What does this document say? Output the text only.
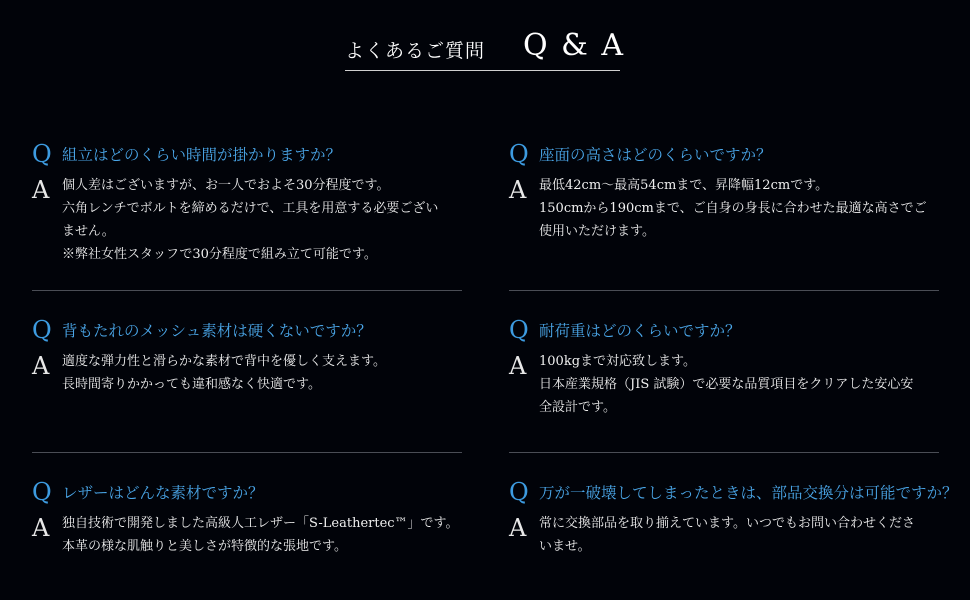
よくあるご質問 Q & A
Q 組立はどのくらい時間が掛かりますか？
A 個人差はございますが、お一人でおよそ30分程度です。
六角レンチでボルトを締めるだけで、工具を用意する必要ござい
ません。
※弊社女性スタッフで30分程度で組み立て可能です。
Q 背もたれのメッシュ素材は硬くないですか？
A 適度な弾力性と滑らかな素材で背中を優しく支えます。
長時間寄りかかっても違和感なく快適です。
Q レザーはどんな素材ですか？
A 独自技術で開発しました高級人工レザー「S-Leathertec™」です。
本革の様な肌触りと美しさが特徴的な張地です。
Q 座面の高さはどのくらいですか？
A 最低42cm～最高54cmまで、昇降幅12cmです。
150cmから190cmまで、ご自身の身長に合わせた最適な高さでご
使用いただけます。
Q 耐荷重はどのくらいですか？
A 100kgまで対応致します。
日本産業規格（JIS 試験）で必要な品質項目をクリアした安心安
全設計です。
Q 万が一破壊してしまったときは、部品交換分は可能ですか？
A 常に交換部品を取り揃えています。いつでもお問い合わせくださ
いませ。
